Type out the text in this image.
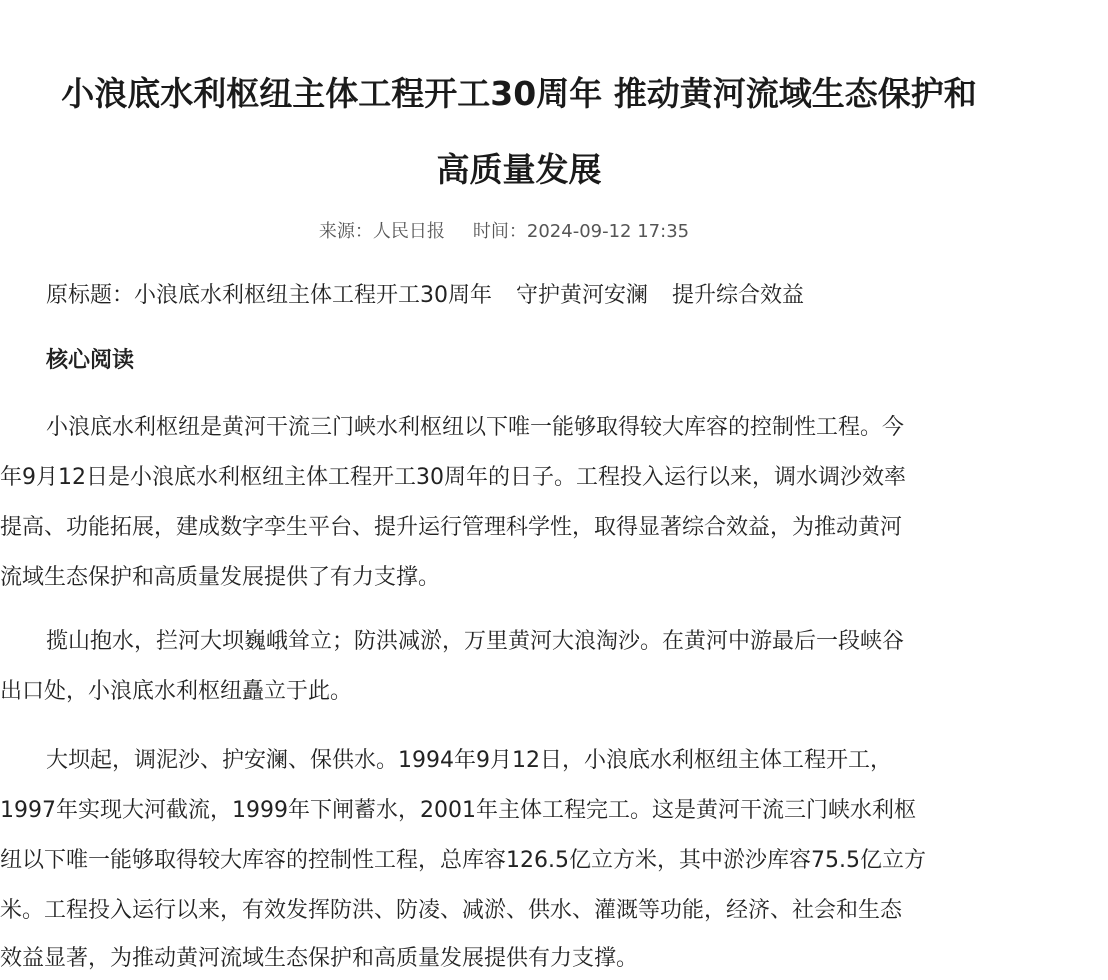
小浪底水利枢纽主体工程开工30周年 推动黄河流域生态保护和
高质量发展
来源：人民日报 时间：2024-09-12 17:35
原标题：小浪底水利枢纽主体工程开工30周年 守护黄河安澜 提升综合效益
核心阅读
小浪底水利枢纽是黄河干流三门峡水利枢纽以下唯一能够取得较大库容的控制性工程。今
年9月12日是小浪底水利枢纽主体工程开工30周年的日子。工程投入运行以来，调水调沙效率
提高、功能拓展，建成数字孪生平台、提升运行管理科学性，取得显著综合效益，为推动黄河
流域生态保护和高质量发展提供了有力支撑。
揽山抱水，拦河大坝巍峨耸立；防洪减淤，万里黄河大浪淘沙。在黄河中游最后一段峡谷
出口处，小浪底水利枢纽矗立于此。
大坝起，调泥沙、护安澜、保供水。1994年9月12日，小浪底水利枢纽主体工程开工，
1997年实现大河截流，1999年下闸蓄水，2001年主体工程完工。这是黄河干流三门峡水利枢
纽以下唯一能够取得较大库容的控制性工程，总库容126.5亿立方米，其中淤沙库容75.5亿立方
米。工程投入运行以来，有效发挥防洪、防凌、减淤、供水、灌溉等功能，经济、社会和生态
效益显著，为推动黄河流域生态保护和高质量发展提供有力支撑。
